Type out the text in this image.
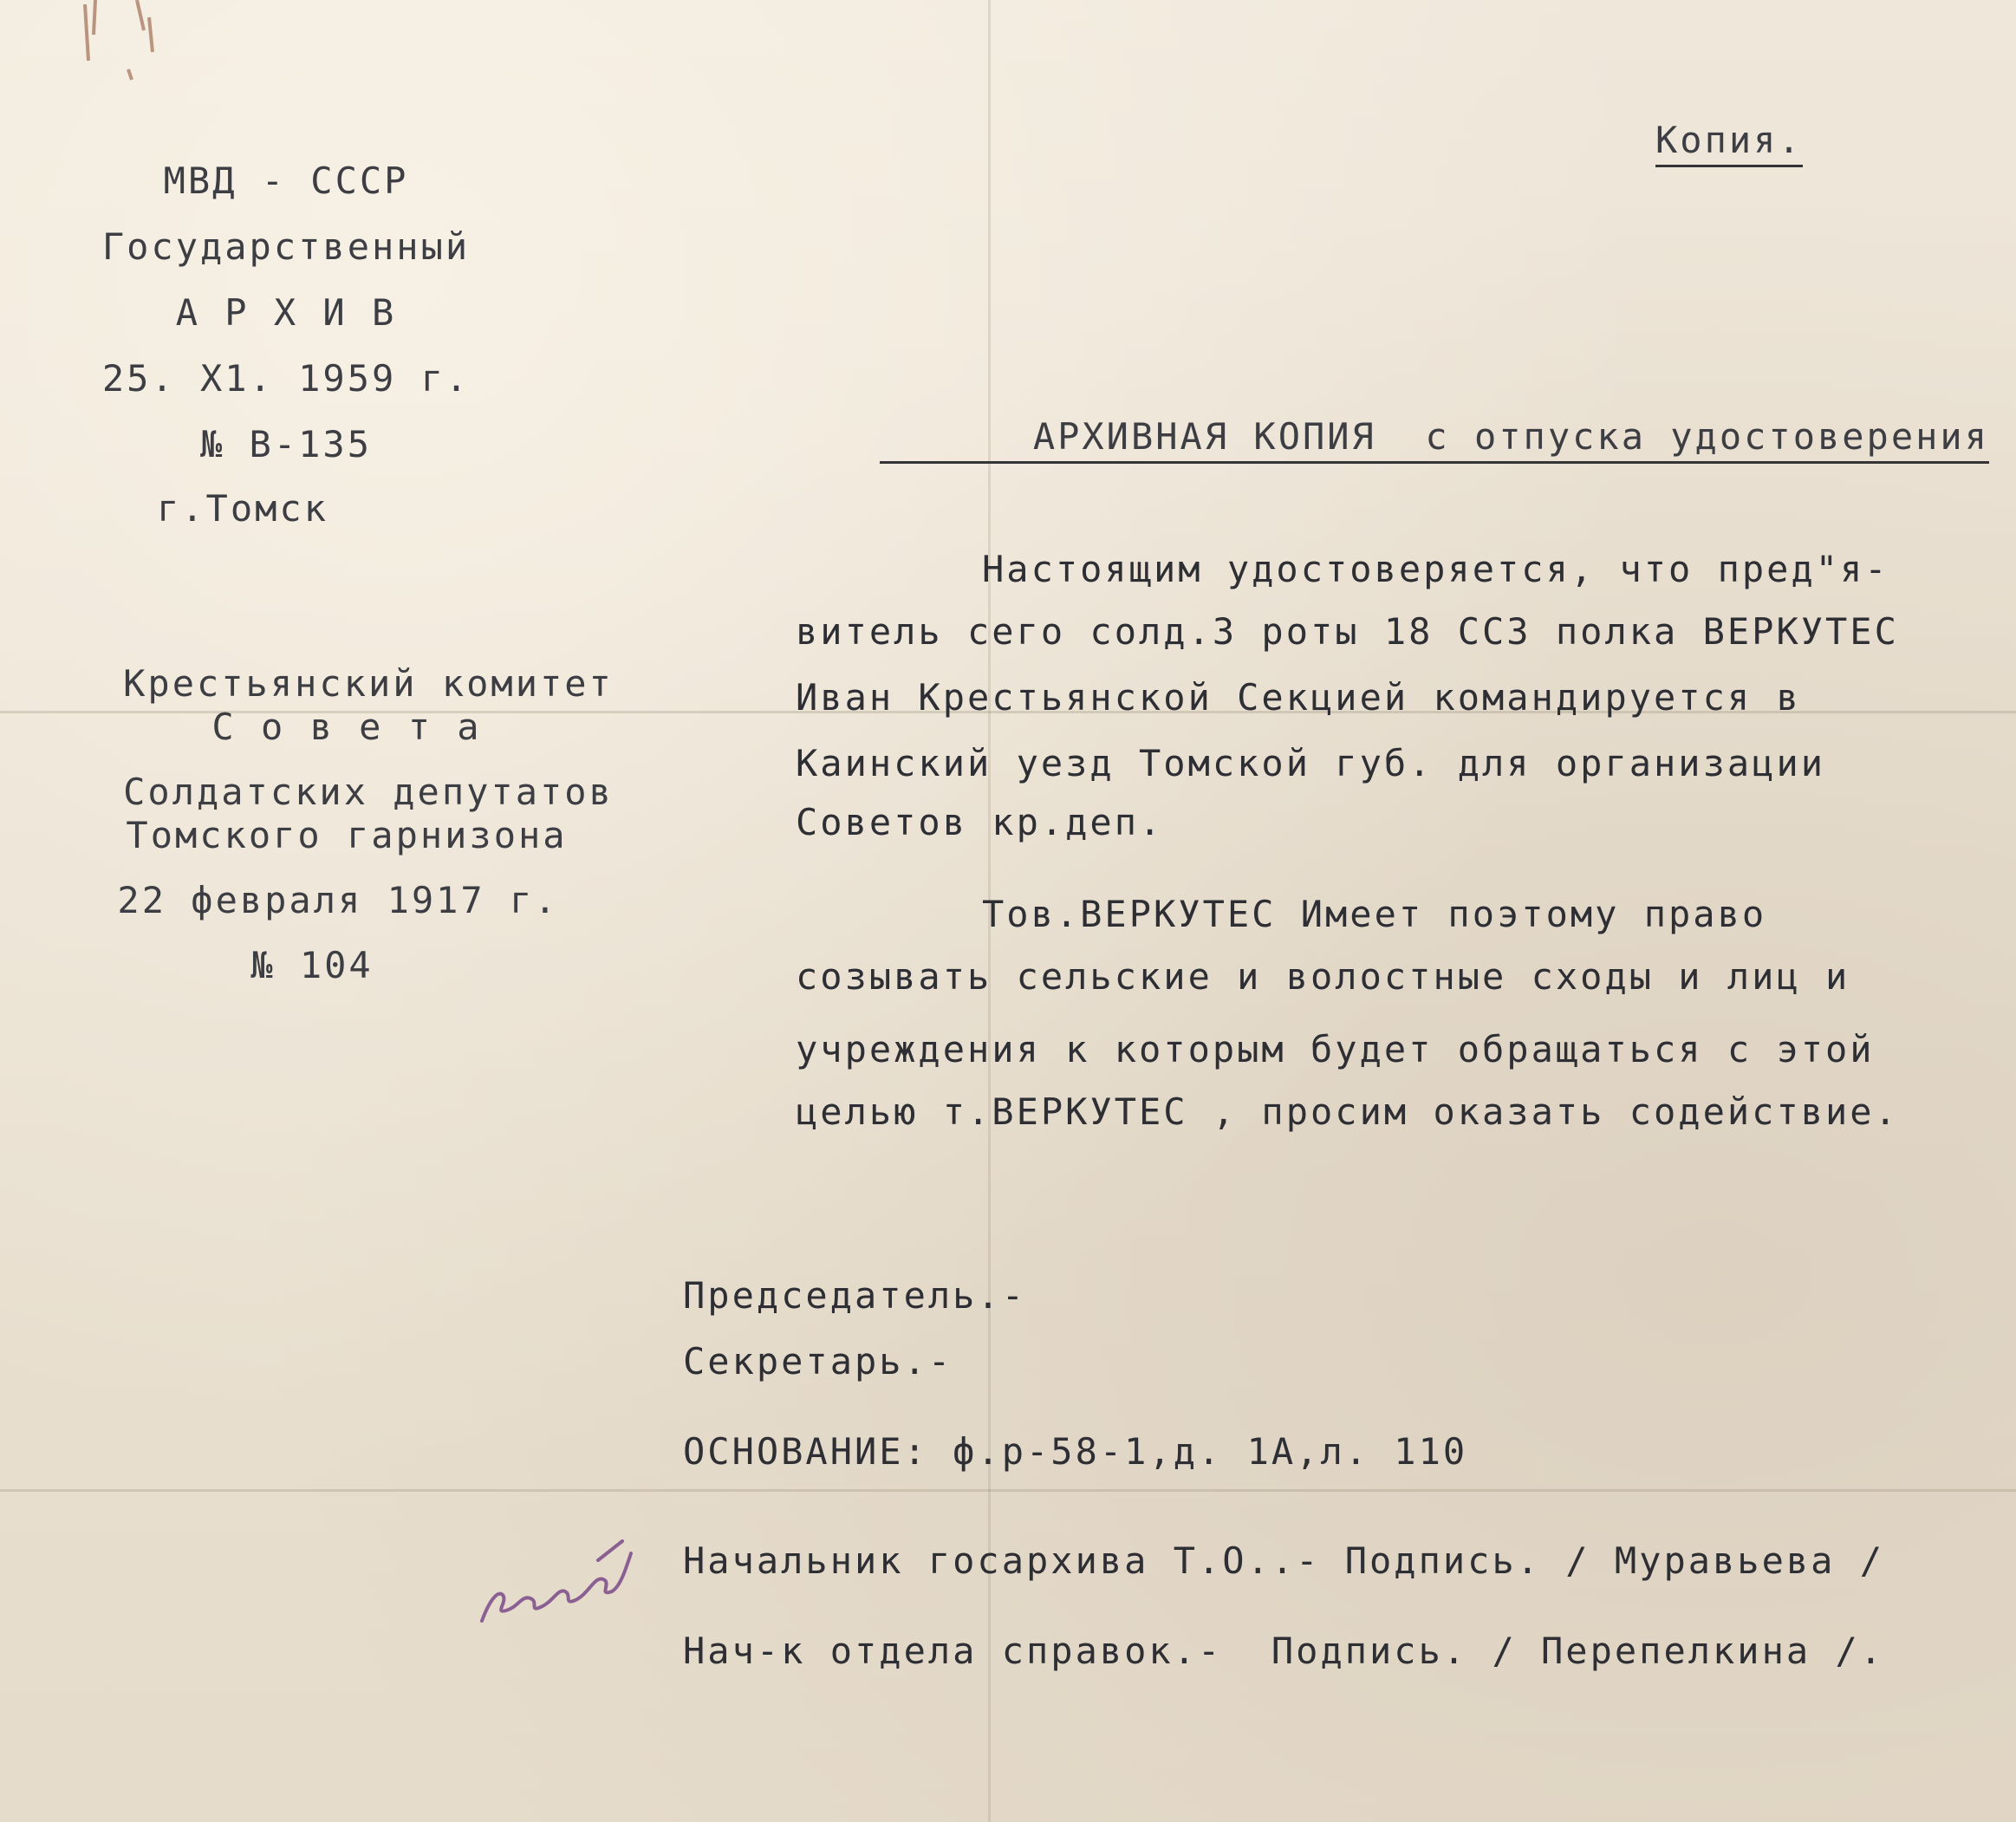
Копия.
МВД - СССР
Государственный
А Р Х И В
25. Х1. 1959 г.
№ В-135
г.Томск
Крестьянский комитет
С о в е т а
Солдатских депутатов
Томского гарнизона
22 февраля 1917 г.
№ 104
АРХИВНАЯ КОПИЯ  с отпуска удостоверения
Настоящим удостоверяется, что пред"я-
витель сего солд.3 роты 18 ССЗ полка ВЕРКУТЕС
Иван Крестьянской Секцией командируется в
Каинский уезд Томской губ. для организации
Советов кр.деп.
Тов.ВЕРКУТЕС Имеет поэтому право
созывать сельские и волостные сходы и лиц и
учреждения к которым будет обращаться с этой
целью т.ВЕРКУТЕС , просим оказать содействие.
Председатель.-
Секретарь.-
ОСНОВАНИЕ: ф.р-58-1,д. 1А,л. 110
Начальник госархива Т.О..- Подпись. / Муравьева /
Нач-к отдела справок.-  Подпись. / Перепелкина /.
